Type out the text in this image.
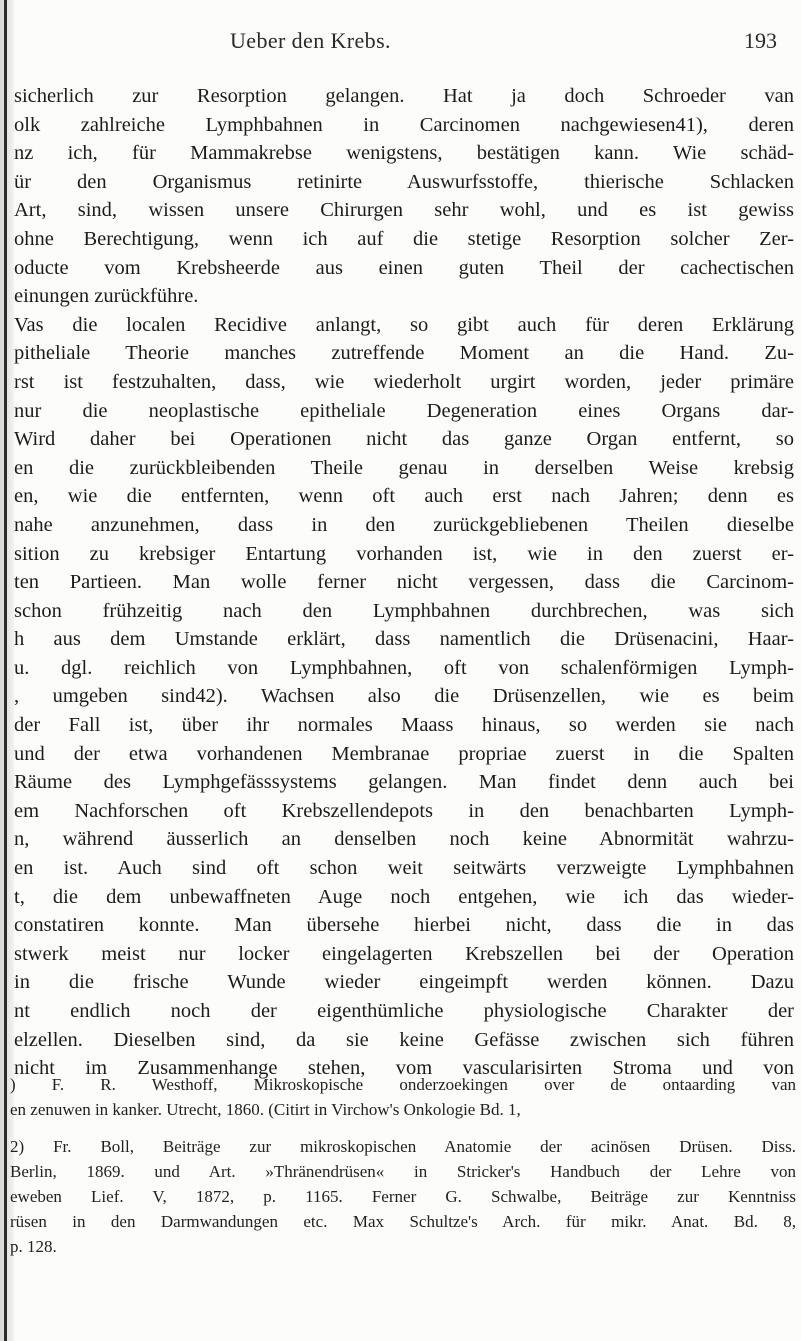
Ueber den Krebs.	193
sicherlich zur Resorption gelangen. Hat ja doch Schroeder van
olk zahlreiche Lymphbahnen in Carcinomen nachgewiesen41), deren
nz ich, für Mammakrebse wenigstens, bestätigen kann. Wie schäd-
ür den Organismus retinirte Auswurfsstoffe, thierische Schlacken
Art, sind, wissen unsere Chirurgen sehr wohl, und es ist gewiss
ohne Berechtigung, wenn ich auf die stetige Resorption solcher Zer-
oducte vom Krebsheerde aus einen guten Theil der cachectischen
einungen zurückführe.
Vas die localen Recidive anlangt, so gibt auch für deren Erklärung
pitheliale Theorie manches zutreffende Moment an die Hand. Zu-
rst ist festzuhalten, dass, wie wiederholt urgirt worden, jeder primäre
nur die neoplastische epitheliale Degeneration eines Organs dar-
Wird daher bei Operationen nicht das ganze Organ entfernt, so
en die zurückbleibenden Theile genau in derselben Weise krebsig
en, wie die entfernten, wenn oft auch erst nach Jahren; denn es
nahe anzunehmen, dass in den zurückgebliebenen Theilen dieselbe
sition zu krebsiger Entartung vorhanden ist, wie in den zuerst er-
ten Partieen. Man wolle ferner nicht vergessen, dass die Carcinom-
schon frühzeitig nach den Lymphbahnen durchbrechen, was sich
h aus dem Umstande erklärt, dass namentlich die Drüsenacini, Haar-
u. dgl. reichlich von Lymphbahnen, oft von schalenförmigen Lymph-
, umgeben sind42). Wachsen also die Drüsenzellen, wie es beim
der Fall ist, über ihr normales Maass hinaus, so werden sie nach
und der etwa vorhandenen Membranae propriae zuerst in die Spalten
Räume des Lymphgefässsystems gelangen. Man findet denn auch bei
em Nachforschen oft Krebszellendepots in den benachbarten Lymph-
n, während äusserlich an denselben noch keine Abnormität wahrzu-
en ist. Auch sind oft schon weit seitwärts verzweigte Lymphbahnen
t, die dem unbewaffneten Auge noch entgehen, wie ich das wieder-
constatiren konnte. Man übersehe hierbei nicht, dass die in das
stwerk meist nur locker eingelagerten Krebszellen bei der Operation
in die frische Wunde wieder eingeimpft werden können. Dazu
nt endlich noch der eigenthümliche physiologische Charakter der
elzellen. Dieselben sind, da sie keine Gefässe zwischen sich führen
nicht im Zusammenhange stehen, vom vascularisirten Stroma und von
) F. R. Westhoff, Mikroskopische onderzoekingen over de ontaarding van
en zenuwen in kanker. Utrecht, 1860. (Citirt in Virchow's Onkologie Bd. 1,
2) Fr. Boll, Beiträge zur mikroskopischen Anatomie der acinösen Drüsen. Diss.
Berlin, 1869. und Art. »Thränendrüsen« in Stricker's Handbuch der Lehre von
eweben Lief. V, 1872, p. 1165. Ferner G. Schwalbe, Beiträge zur Kenntniss
rüsen in den Darmwandungen etc. Max Schultze's Arch. für mikr. Anat. Bd. 8,
p. 128.
